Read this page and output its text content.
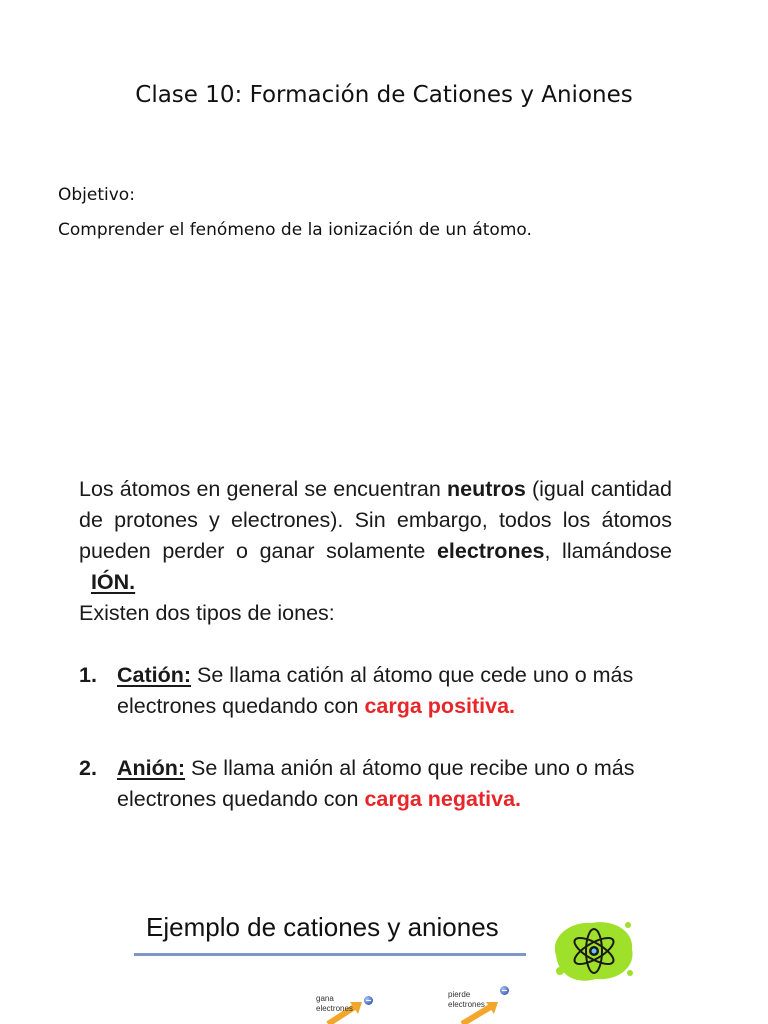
Clase 10: Formación de Cationes y Aniones
Objetivo:
Comprender el fenómeno de la ionización de un átomo.
Los átomos en general se encuentran neutros (igual cantidad de protones y electrones). Sin embargo, todos los átomos pueden perder o ganar solamente electrones, llamándose   IÓN.
Existen dos tipos de iones:
1. Catión: Se llama catión al átomo que cede uno o más electrones quedando con carga positiva.
2. Anión: Se llama anión al átomo que recibe uno o más electrones quedando con carga negativa.
Ejemplo de cationes y aniones
gana
electrones
pierde
electrones
